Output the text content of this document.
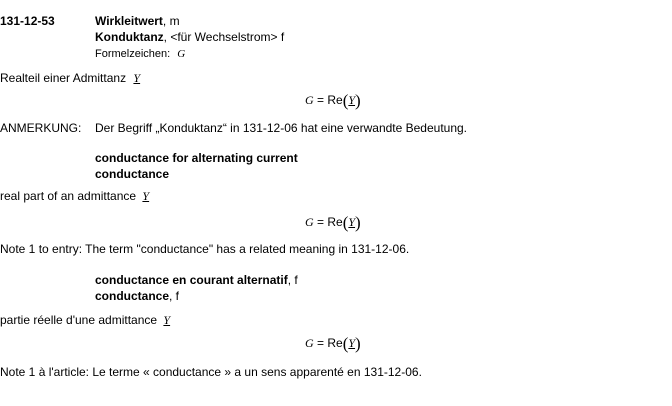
131-12-53	Wirkleitwert, m
Konduktanz, <für Wechselstrom> f
Formelzeichen: G
Realteil einer Admittanz Y
G = Re(Y)
ANMERKUNG: Der Begriff „Konduktanz“ in 131-12-06 hat eine verwandte Bedeutung.
conductance for alternating current
conductance
real part of an admittance Y
G = Re(Y)
Note 1 to entry: The term "conductance" has a related meaning in 131-12-06.
conductance en courant alternatif, f
conductance, f
partie réelle d'une admittance Y
G = Re(Y)
Note 1 à l'article: Le terme « conductance » a un sens apparenté en 131-12-06.
